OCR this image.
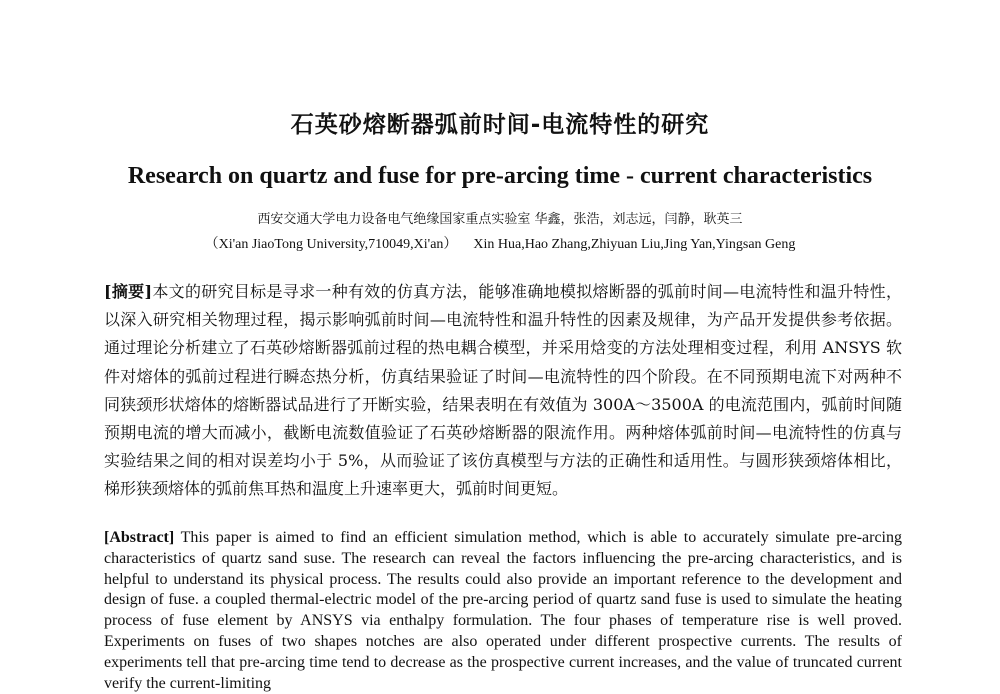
石英砂熔断器弧前时间-电流特性的研究
Research on quartz and fuse for pre-arcing time - current characteristics
西安交通大学电力设备电气绝缘国家重点实验室 华鑫，张浩，刘志远，闫静，耿英三
（Xi'an JiaoTong University,710049,Xi'an） Xin Hua,Hao Zhang,Zhiyuan Liu,Jing Yan,Yingsan Geng

[摘要]本文的研究目标是寻求一种有效的仿真方法，能够准确地模拟熔断器的弧前时间—电流特性和温升特性，以深入研究相关物理过程，揭示影响弧前时间—电流特性和温升特性的因素及规律，为产品开发提供参考依据。通过理论分析建立了石英砂熔断器弧前过程的热电耦合模型，并采用焓变的方法处理相变过程，利用 ANSYS 软件对熔体的弧前过程进行瞬态热分析，仿真结果验证了时间—电流特性的四个阶段。在不同预期电流下对两种不同狭颈形状熔体的熔断器试品进行了开断实验，结果表明在有效值为 300A～3500A 的电流范围内，弧前时间随预期电流的增大而减小，截断电流数值验证了石英砂熔断器的限流作用。两种熔体弧前时间—电流特性的仿真与实验结果之间的相对误差均小于 5%，从而验证了该仿真模型与方法的正确性和适用性。与圆形狭颈熔体相比，梯形狭颈熔体的弧前焦耳热和温度上升速率更大，弧前时间更短。

[Abstract] This paper is aimed to find an efficient simulation method, which is able to accurately simulate pre-arcing characteristics of quartz sand suse. The research can reveal the factors influencing the pre-arcing characteristics, and is helpful to understand its physical process. The results could also provide an important reference to the development and design of fuse. a coupled thermal-electric model of the pre-arcing period of quartz sand fuse is used to simulate the heating process of fuse element by ANSYS via enthalpy formulation. The four phases of temperature rise is well proved. Experiments on fuses of two shapes notches are also operated under different prospective currents. The results of experiments tell that pre-arcing time tend to decrease as the prospective current increases, and the value of truncated current verify the current-limiting
